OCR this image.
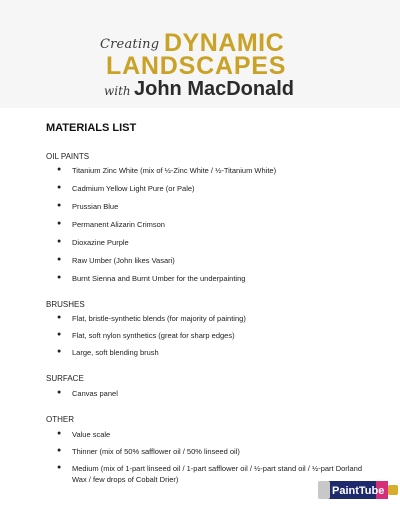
Creating DYNAMIC
LANDSCAPES
with John MacDonald
MATERIALS LIST
OIL PAINTS
● Titanium Zinc White (mix of ½-Zinc White / ½-Titanium White)
● Cadmium Yellow Light Pure (or Pale)
● Prussian Blue
● Permanent Alizarin Crimson
● Dioxazine Purple
● Raw Umber (John likes Vasari)
● Burnt Sienna and Burnt Umber for the underpainting
BRUSHES
● Flat, bristle-synthetic blends (for majority of painting)
● Flat, soft nylon synthetics (great for sharp edges)
● Large, soft blending brush
SURFACE
● Canvas panel
OTHER
● Value scale
● Thinner (mix of 50% safflower oil / 50% linseed oil)
● Medium (mix of 1-part linseed oil / 1-part safflower oil / ½-part stand oil / ½-part Dorland Wax / few drops of Cobalt Drier)
PaintTube
